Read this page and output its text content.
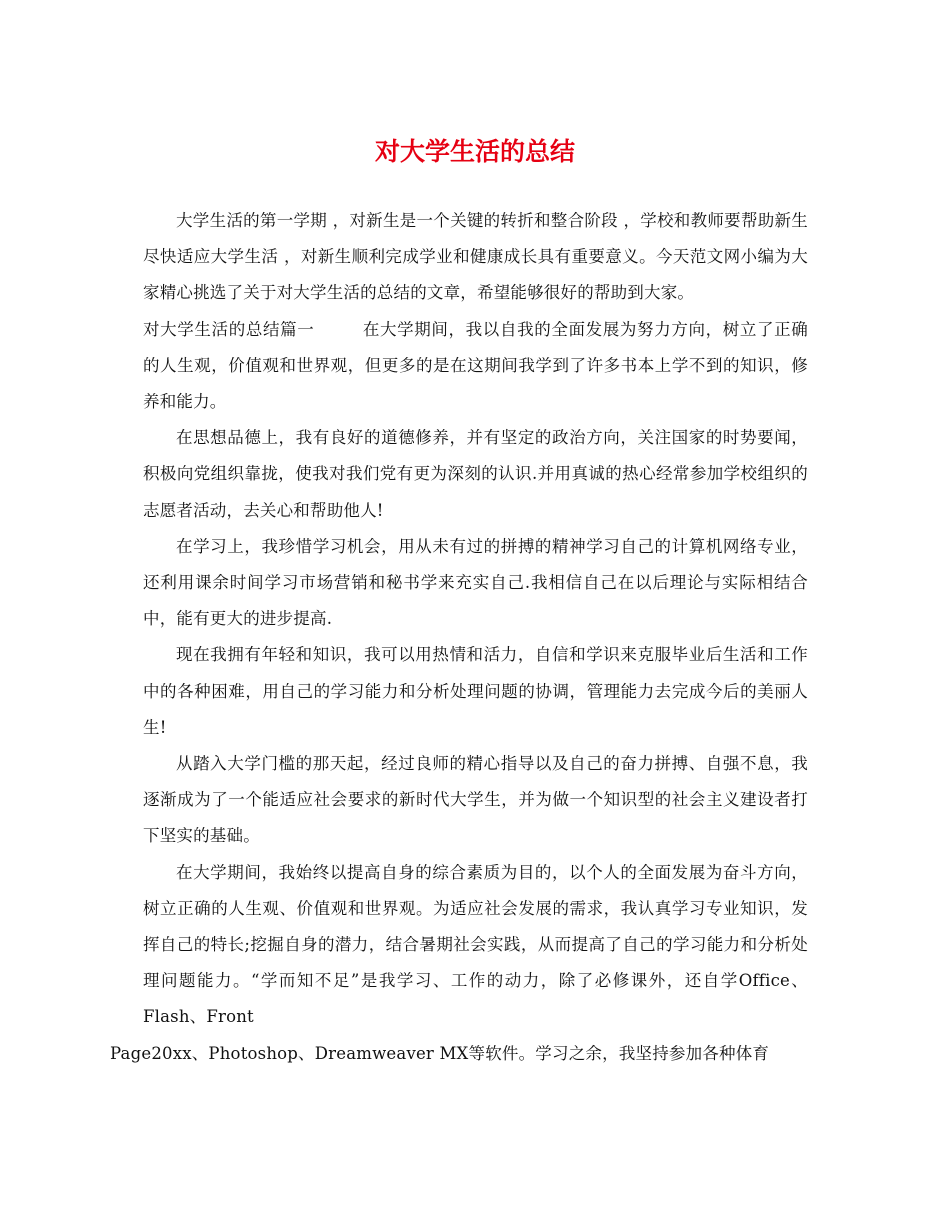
对大学生活的总结

大学生活的第一学期 ，对新生是一个关键的转折和整合阶段 ，学校和教师要帮助新生尽快适应大学生活 ，对新生顺利完成学业和健康成长具有重要意义。今天范文网小编为大家精心挑选了关于对大学生活的总结的文章，希望能够很好的帮助到大家。

对大学生活的总结篇一	在大学期间，我以自我的全面发展为努力方向，树立了正确的人生观，价值观和世界观，但更多的是在这期间我学到了许多书本上学不到的知识，修养和能力。

在思想品德上，我有良好的道德修养，并有坚定的政治方向，关注国家的时势要闻，积极向党组织靠拢，使我对我们党有更为深刻的认识.并用真诚的热心经常参加学校组织的志愿者活动，去关心和帮助他人!

在学习上，我珍惜学习机会，用从未有过的拼搏的精神学习自己的计算机网络专业，还利用课余时间学习市场营销和秘书学来充实自己.我相信自己在以后理论与实际相结合中，能有更大的进步提高.

现在我拥有年轻和知识，我可以用热情和活力，自信和学识来克服毕业后生活和工作中的各种困难，用自己的学习能力和分析处理问题的协调，管理能力去完成今后的美丽人生!

从踏入大学门槛的那天起，经过良师的精心指导以及自己的奋力拼搏、自强不息，我逐渐成为了一个能适应社会要求的新时代大学生，并为做一个知识型的社会主义建设者打下坚实的基础。

在大学期间，我始终以提高自身的综合素质为目的，以个人的全面发展为奋斗方向，树立正确的人生观、价值观和世界观。为适应社会发展的需求，我认真学习专业知识，发挥自己的特长;挖掘自身的潜力，结合暑期社会实践，从而提高了自己的学习能力和分析处理问题能力。“学而知不足”是我学习、工作的动力，除了必修课外，还自学Office、Flash、Front
Page20xx、Photoshop、Dreamweaver MX等软件。学习之余，我坚持参加各种体育
